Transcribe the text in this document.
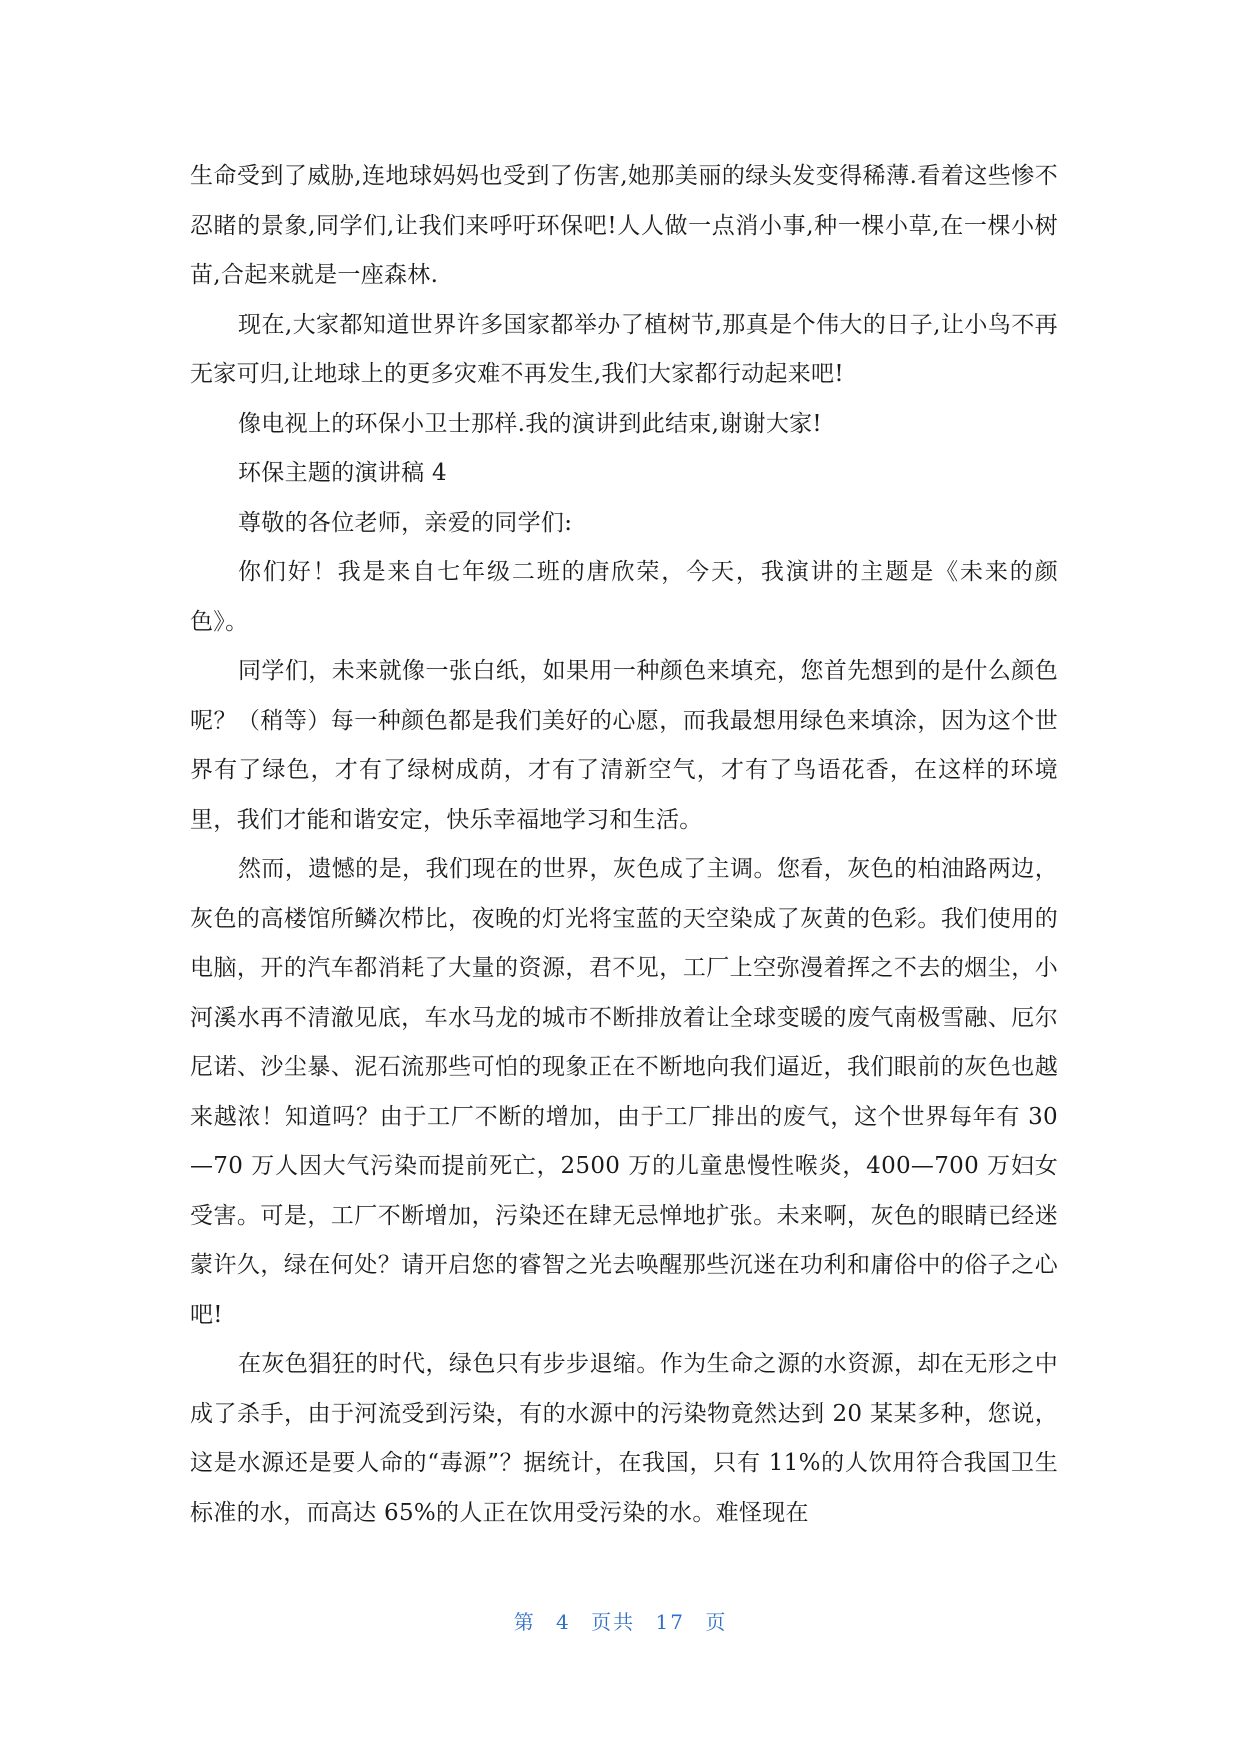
生命受到了威胁,连地球妈妈也受到了伤害,她那美丽的绿头发变得稀薄.看着这些惨不忍睹的景象,同学们,让我们来呼吁环保吧!人人做一点消小事,种一棵小草,在一棵小树苗,合起来就是一座森林.

现在,大家都知道世界许多国家都举办了植树节,那真是个伟大的日子,让小鸟不再无家可归,让地球上的更多灾难不再发生,我们大家都行动起来吧!

像电视上的环保小卫士那样.我的演讲到此结束,谢谢大家!

环保主题的演讲稿 4

尊敬的各位老师，亲爱的同学们:

你们好！我是来自七年级二班的唐欣荣，今天，我演讲的主题是《未来的颜色》。

同学们，未来就像一张白纸，如果用一种颜色来填充，您首先想到的是什么颜色呢？（稍等）每一种颜色都是我们美好的心愿，而我最想用绿色来填涂，因为这个世界有了绿色，才有了绿树成荫，才有了清新空气，才有了鸟语花香，在这样的环境里，我们才能和谐安定，快乐幸福地学习和生活。

然而，遗憾的是，我们现在的世界，灰色成了主调。您看，灰色的柏油路两边，灰色的高楼馆所鳞次栉比，夜晚的灯光将宝蓝的天空染成了灰黄的色彩。我们使用的电脑，开的汽车都消耗了大量的资源，君不见，工厂上空弥漫着挥之不去的烟尘，小河溪水再不清澈见底，车水马龙的城市不断排放着让全球变暖的废气南极雪融、厄尔尼诺、沙尘暴、泥石流那些可怕的现象正在不断地向我们逼近，我们眼前的灰色也越来越浓！知道吗？由于工厂不断的增加，由于工厂排出的废气，这个世界每年有 30—70 万人因大气污染而提前死亡，2500 万的儿童患慢性喉炎，400—700 万妇女受害。可是，工厂不断增加，污染还在肆无忌惮地扩张。未来啊，灰色的眼睛已经迷蒙许久，绿在何处？请开启您的睿智之光去唤醒那些沉迷在功利和庸俗中的俗子之心吧!

在灰色猖狂的时代，绿色只有步步退缩。作为生命之源的水资源，却在无形之中成了杀手，由于河流受到污染，有的水源中的污染物竟然达到 20 某某多种，您说，这是水源还是要人命的“毒源”？据统计，在我国，只有 11%的人饮用符合我国卫生标准的水，而高达 65%的人正在饮用受污染的水。难怪现在

第 4 页共 17 页
